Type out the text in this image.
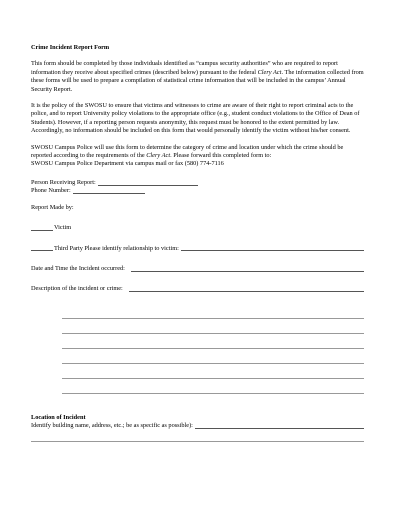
Crime Incident Report Form

This form should be completed by those individuals identified as “campus security authorities” who are required to report information they receive about specified crimes (described below) pursuant to the federal Clery Act. The information collected from these forms will be used to prepare a compilation of statistical crime information that will be included in the campus’ Annual Security Report.

It is the policy of the SWOSU to ensure that victims and witnesses to crime are aware of their right to report criminal acts to the police, and to report University policy violations to the appropriate office (e.g., student conduct violations to the Office of Dean of Students). However, if a reporting person requests anonymity, this request must be honored to the extent permitted by law. Accordingly, no information should be included on this form that would personally identify the victim without his/her consent.

SWOSU Campus Police will use this form to determine the category of crime and location under which the crime should be reported according to the requirements of the Clery Act. Please forward this completed form to:
SWOSU Campus Police Department via campus mail or fax (580) 774-7116

Person Receiving Report:
Phone Number:

Report Made by:

Victim
Third Party Please identify relationship to victim:
Date and Time the Incident occurred:
Description of the incident or crime:

Location of Incident

Identify building name, address, etc.; be as specific as possible):
